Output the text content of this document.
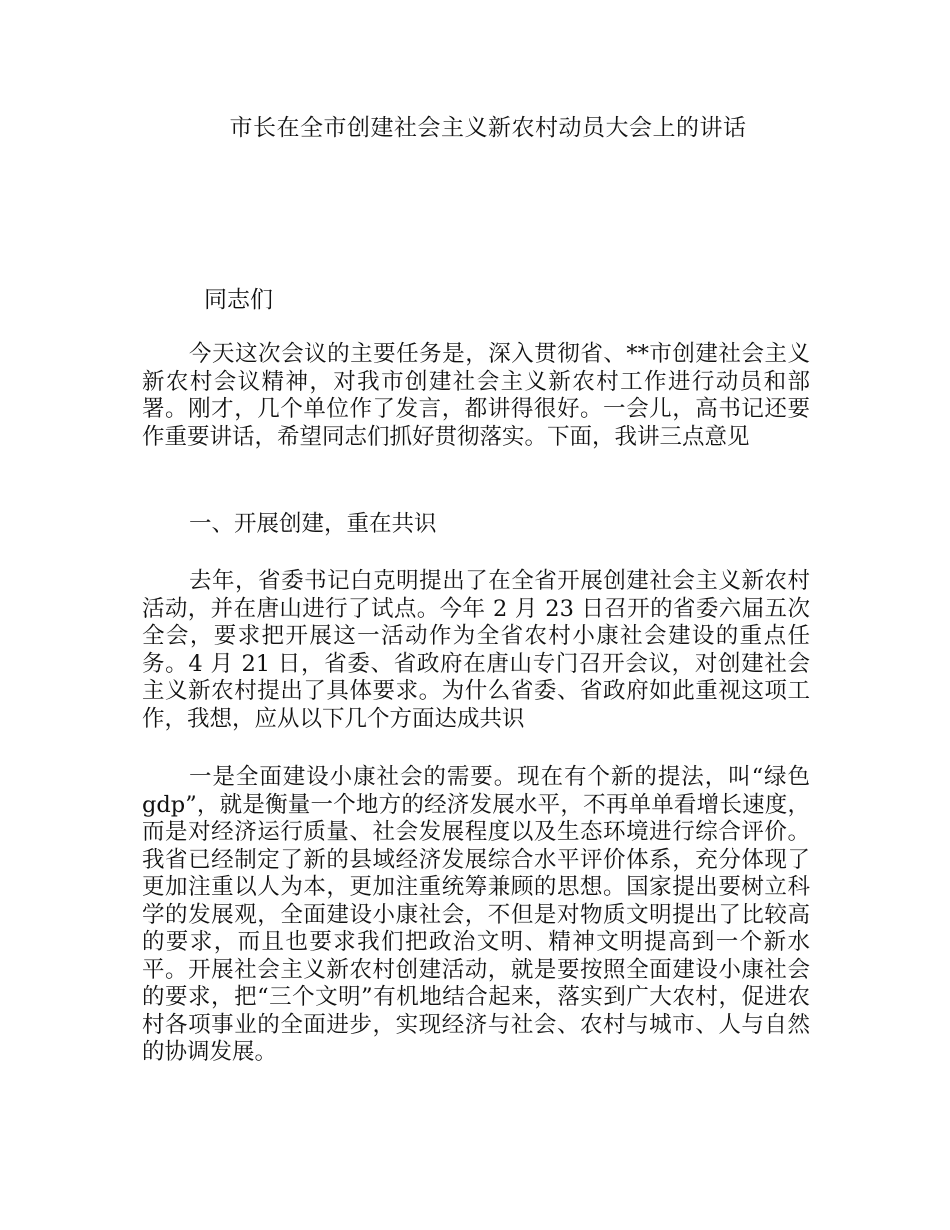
市长在全市创建社会主义新农村动员大会上的讲话
同志们

今天这次会议的主要任务是，深入贯彻省、**市创建社会主义新农村会议精神，对我市创建社会主义新农村工作进行动员和部署。刚才，几个单位作了发言，都讲得很好。一会儿，高书记还要作重要讲话，希望同志们抓好贯彻落实。下面，我讲三点意见

一、开展创建，重在共识

去年，省委书记白克明提出了在全省开展创建社会主义新农村活动，并在唐山进行了试点。今年 2 月 23 日召开的省委六届五次全会，要求把开展这一活动作为全省农村小康社会建设的重点任务。4 月 21 日，省委、省政府在唐山专门召开会议，对创建社会主义新农村提出了具体要求。为什么省委、省政府如此重视这项工作，我想，应从以下几个方面达成共识

一是全面建设小康社会的需要。现在有个新的提法，叫“绿色 gdp”，就是衡量一个地方的经济发展水平，不再单单看增长速度，而是对经济运行质量、社会发展程度以及生态环境进行综合评价。我省已经制定了新的县域经济发展综合水平评价体系，充分体现了更加注重以人为本，更加注重统筹兼顾的思想。国家提出要树立科学的发展观，全面建设小康社会，不但是对物质文明提出了比较高的要求，而且也要求我们把政治文明、精神文明提高到一个新水平。开展社会主义新农村创建活动，就是要按照全面建设小康社会的要求，把“三个文明”有机地结合起来，落实到广大农村，促进农村各项事业的全面进步，实现经济与社会、农村与城市、人与自然的协调发展。
